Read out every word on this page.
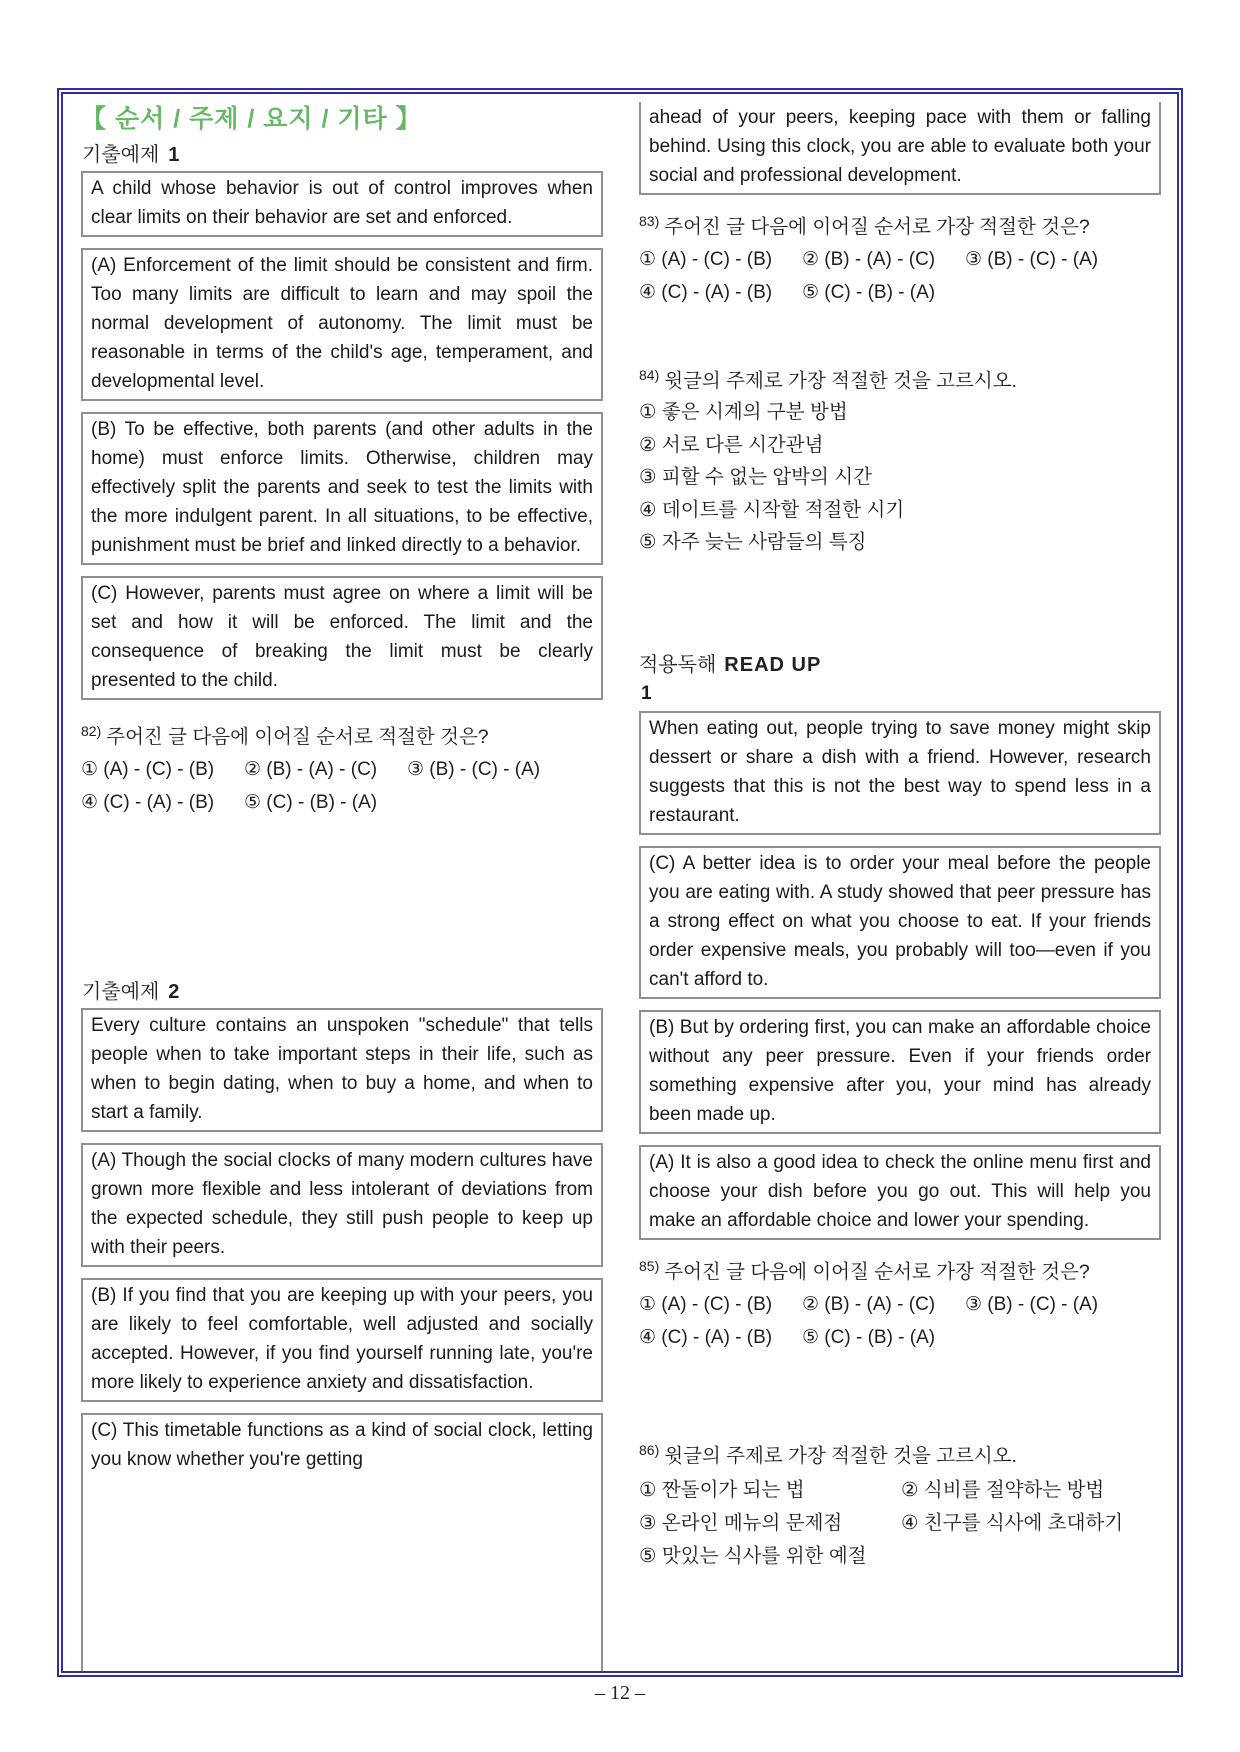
【 순서 / 주제 / 요지 / 기타 】
기출예제 1
A child whose behavior is out of control improves when clear limits on their behavior are set and enforced.
(A) Enforcement of the limit should be consistent and firm. Too many limits are difficult to learn and may spoil the normal development of autonomy. The limit must be reasonable in terms of the child's age, temperament, and developmental level.
(B) To be effective, both parents (and other adults in the home) must enforce limits. Otherwise, children may effectively split the parents and seek to test the limits with the more indulgent parent. In all situations, to be effective, punishment must be brief and linked directly to a behavior.
(C) However, parents must agree on where a limit will be set and how it will be enforced. The limit and the consequence of breaking the limit must be clearly presented to the child.
$^{82)}$ 주어진 글 다음에 이어질 순서로 적절한 것은?
① (A) - (C) - (B)	② (B) - (A) - (C)	③ (B) - (C) - (A)
④ (C) - (A) - (B)	⑤ (C) - (B) - (A)
기출예제 2
Every culture contains an unspoken "schedule" that tells people when to take important steps in their life, such as when to begin dating, when to buy a home, and when to start a family.
(A) Though the social clocks of many modern cultures have grown more flexible and less intolerant of deviations from the expected schedule, they still push people to keep up with their peers.
(B) If you find that you are keeping up with your peers, you are likely to feel comfortable, well adjusted and socially accepted. However, if you find yourself running late, you're more likely to experience anxiety and dissatisfaction.
(C) This timetable functions as a kind of social clock, letting you know whether you're getting
ahead of your peers, keeping pace with them or falling behind. Using this clock, you are able to evaluate both your social and professional development.
$^{83)}$ 주어진 글 다음에 이어질 순서로 가장 적절한 것은?
① (A) - (C) - (B)	② (B) - (A) - (C)	③ (B) - (C) - (A)
④ (C) - (A) - (B)	⑤ (C) - (B) - (A)
$^{84)}$ 윗글의 주제로 가장 적절한 것을 고르시오.
① 좋은 시계의 구분 방법
② 서로 다른 시간관념
③ 피할 수 없는 압박의 시간
④ 데이트를 시작할 적절한 시기
⑤ 자주 늦는 사람들의 특징
적용독해 READ UP
1
When eating out, people trying to save money might skip dessert or share a dish with a friend. However, research suggests that this is not the best way to spend less in a restaurant.
(C) A better idea is to order your meal before the people you are eating with. A study showed that peer pressure has a strong effect on what you choose to eat. If your friends order expensive meals, you probably will too—even if you can't afford to.
(B) But by ordering first, you can make an affordable choice without any peer pressure. Even if your friends order something expensive after you, your mind has already been made up.
(A) It is also a good idea to check the online menu first and choose your dish before you go out. This will help you make an affordable choice and lower your spending.
$^{85)}$ 주어진 글 다음에 이어질 순서로 가장 적절한 것은?
① (A) - (C) - (B)	② (B) - (A) - (C)	③ (B) - (C) - (A)
④ (C) - (A) - (B)	⑤ (C) - (B) - (A)
$^{86)}$ 윗글의 주제로 가장 적절한 것을 고르시오.
① 짠돌이가 되는 법	② 식비를 절약하는 방법
③ 온라인 메뉴의 문제점	④ 친구를 식사에 초대하기
⑤ 맛있는 식사를 위한 예절
– 12 –
